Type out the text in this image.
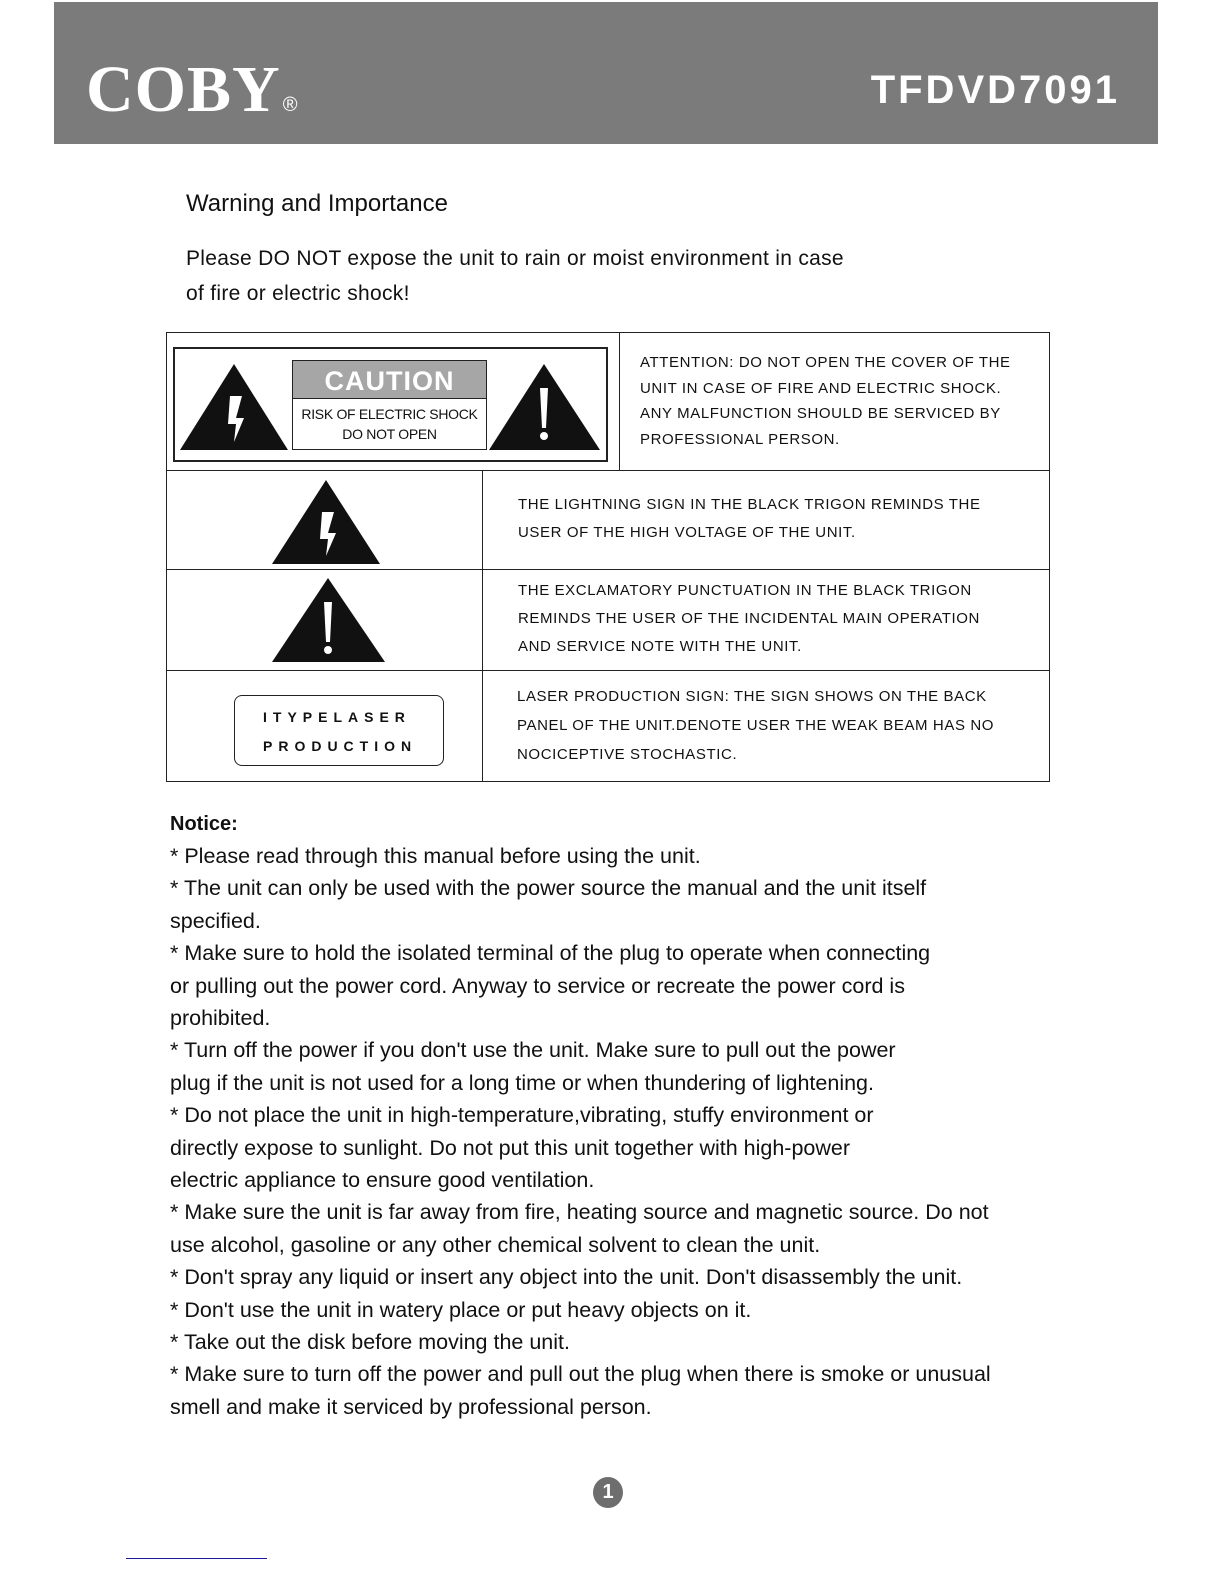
COBY ®	TFDVD7091
Warning and Importance
Please DO NOT expose the unit to rain or moist environment in case
of fire or electric shock!
CAUTION
RISK OF ELECTRIC SHOCK
DO NOT OPEN
ATTENTION: DO NOT OPEN THE COVER OF THE
UNIT IN CASE OF FIRE AND ELECTRIC SHOCK.
ANY MALFUNCTION SHOULD BE SERVICED BY
PROFESSIONAL PERSON.
THE LIGHTNING SIGN IN THE BLACK TRIGON REMINDS THE
USER OF THE HIGH VOLTAGE OF THE UNIT.
THE EXCLAMATORY PUNCTUATION IN THE BLACK TRIGON
REMINDS THE USER OF THE INCIDENTAL MAIN OPERATION
AND SERVICE NOTE WITH THE UNIT.
ITYPELASER
PRODUCTION
LASER PRODUCTION SIGN: THE SIGN SHOWS ON THE BACK
PANEL OF THE UNIT.DENOTE USER THE WEAK BEAM HAS NO
NOCICEPTIVE STOCHASTIC.
Notice:
* Please read through this manual before using the unit.
* The unit can only be used with the power source the manual and the unit itself
specified.
* Make sure to hold the isolated terminal of the plug to operate when connecting
or pulling out the power cord. Anyway to service or recreate the power cord is
prohibited.
* Turn off the power if you don't use the unit. Make sure to pull out the power
plug if the unit is not used for a long time or when thundering of lightening.
* Do not place the unit in high-temperature,vibrating, stuffy environment or
directly expose to sunlight. Do not put this unit together with high-power
electric appliance to ensure good ventilation.
* Make sure the unit is far away from fire, heating source and magnetic source. Do not
use alcohol, gasoline or any other chemical solvent to clean the unit.
* Don't spray any liquid or insert any object into the unit. Don't disassembly the unit.
* Don't use the unit in watery place or put heavy objects on it.
* Take out the disk before moving the unit.
* Make sure to turn off the power and pull out the plug when there is smoke or unusual
smell and make it serviced by professional person.
1
